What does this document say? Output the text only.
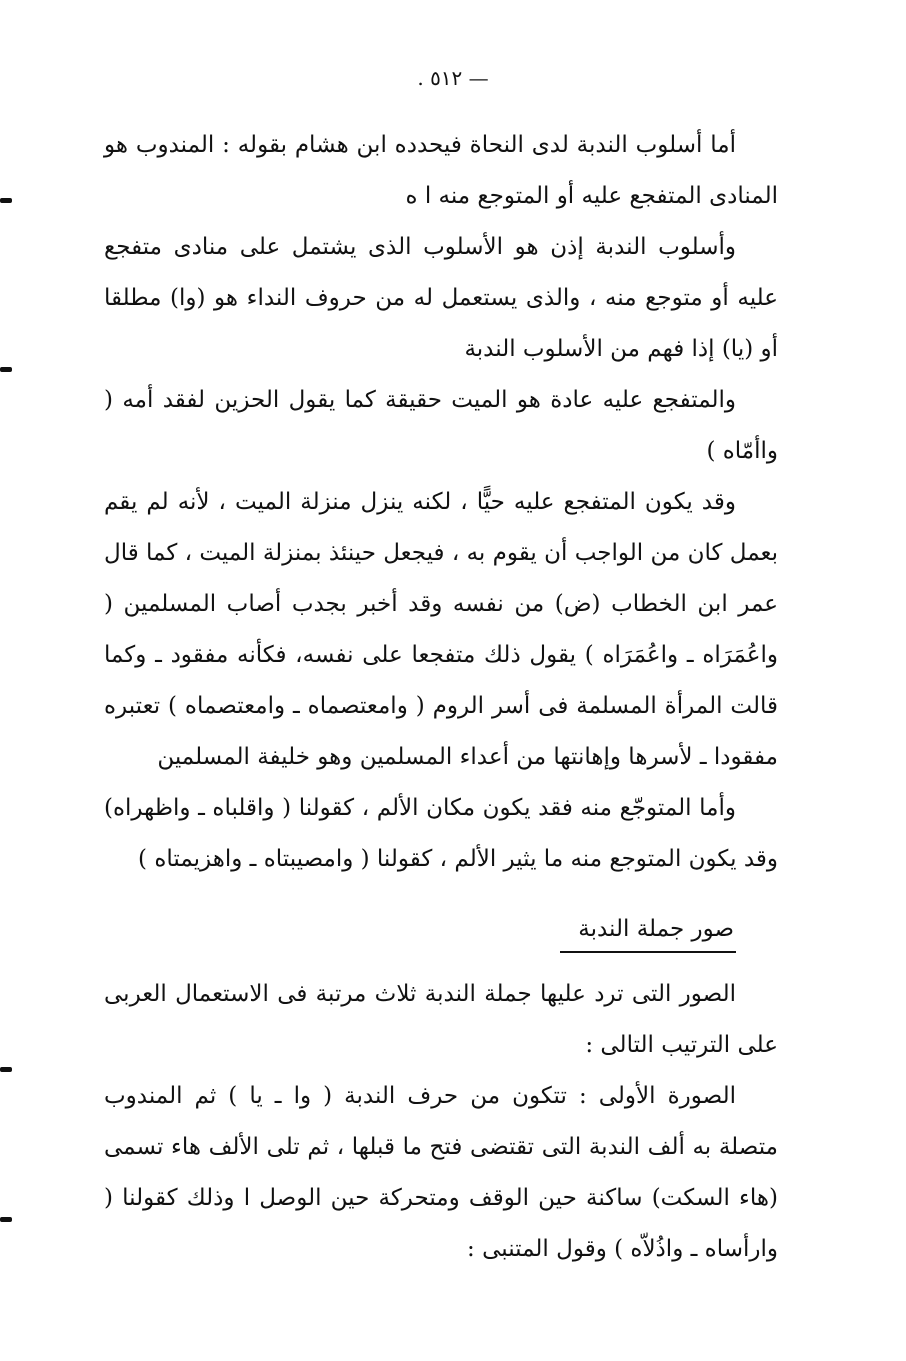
— ٥١٢ .

أما أسلوب الندبة لدى النحاة فيحدده ابن هشام بقوله : المندوب هو المنادى المتفجع عليه أو المتوجع منه ا ه

وأسلوب الندبة إذن هو الأسلوب الذى يشتمل على منادى متفجع عليه أو متوجع منه ، والذى يستعمل له من حروف النداء هو (وا) مطلقا أو (يا) إذا فهم من الأسلوب الندبة

والمتفجع عليه عادة هو الميت حقيقة كما يقول الحزين لفقد أمه ( واأمّاه )

وقد يكون المتفجع عليه حيًّا ، لكنه ينزل منزلة الميت ، لأنه لم يقم بعمل كان من الواجب أن يقوم به ، فيجعل حينئذ بمنزلة الميت ، كما قال عمر ابن الخطاب (ض) من نفسه وقد أخبر بجدب أصاب المسلمين ( واعُمَرَاه ـ واعُمَرَاه ) يقول ذلك متفجعا على نفسه، فكأنه مفقود ـ وكما قالت المرأة المسلمة فى أسر الروم ( وامعتصماه ـ وامعتصماه ) تعتبره مفقودا ـ لأسرها وإهانتها من أعداء المسلمين وهو خليفة المسلمين

وأما المتوجّع منه فقد يكون مكان الألم ، كقولنا ( واقلباه ـ واظهراه) وقد يكون المتوجع منه ما يثير الألم ، كقولنا ( وامصيبتاه ـ واهزيمتاه )

صور جملة الندبة

الصور التى ترد عليها جملة الندبة ثلاث مرتبة فى الاستعمال العربى على الترتيب التالى :

الصورة الأولى : تتكون من حرف الندبة ( وا ـ يا ) ثم المندوب متصلة به ألف الندبة التى تقتضى فتح ما قبلها ، ثم تلى الألف هاء تسمى (هاء السكت) ساكنة حين الوقف ومتحركة حين الوصل ا وذلك كقولنا ( وارأساه ـ واذُلاّه ) وقول المتنبى :
